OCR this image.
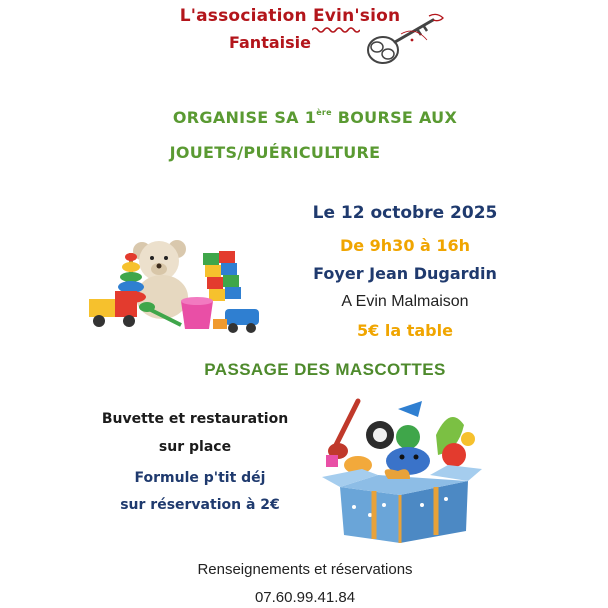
L'association Evin'sion
Fantaisie
ORGANISE SA 1ère BOURSE AUX
JOUETS/PUÉRICULTURE
Le 12 octobre 2025
De 9h30 à 16h
Foyer Jean Dugardin
A Evin Malmaison
5€ la table
PASSAGE DES MASCOTTES
Buvette et restauration
sur place
Formule p'tit déj
sur réservation à 2€
Renseignements et réservations
07.60.99.41.84
